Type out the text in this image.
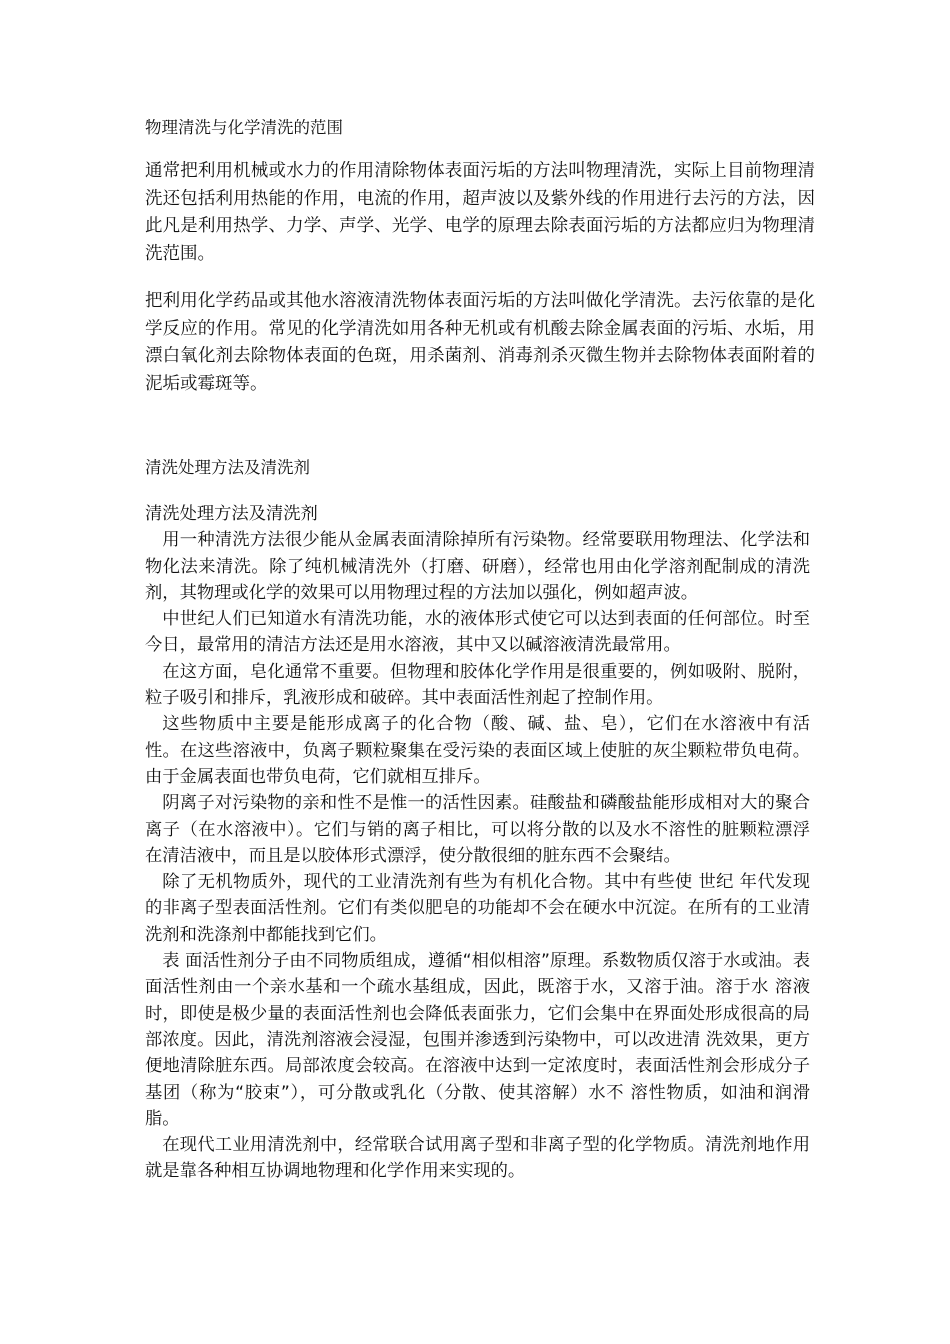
物理清洗与化学清洗的范围
通常把利用机械或水力的作用清除物体表面污垢的方法叫物理清洗，实际上目前物理清洗还包括利用热能的作用，电流的作用，超声波以及紫外线的作用进行去污的方法，因此凡是利用热学、力学、声学、光学、电学的原理去除表面污垢的方法都应归为物理清洗范围。
把利用化学药品或其他水溶液清洗物体表面污垢的方法叫做化学清洗。去污依靠的是化学反应的作用。常见的化学清洗如用各种无机或有机酸去除金属表面的污垢、水垢，用漂白氧化剂去除物体表面的色斑，用杀菌剂、消毒剂杀灭微生物并去除物体表面附着的泥垢或霉斑等。
清洗处理方法及清洗剂
清洗处理方法及清洗剂

用一种清洗方法很少能从金属表面清除掉所有污染物。经常要联用物理法、化学法和物化法来清洗。除了纯机械清洗外（打磨、研磨），经常也用由化学溶剂配制成的清洗剂，其物理或化学的效果可以用物理过程的方法加以强化，例如超声波。

中世纪人们已知道水有清洗功能，水的液体形式使它可以达到表面的任何部位。时至今日，最常用的清洁方法还是用水溶液，其中又以碱溶液清洗最常用。

在这方面，皂化通常不重要。但物理和胶体化学作用是很重要的，例如吸附、脱附，粒子吸引和排斥，乳液形成和破碎。其中表面活性剂起了控制作用。

这些物质中主要是能形成离子的化合物（酸、碱、盐、皂），它们在水溶液中有活性。在这些溶液中，负离子颗粒聚集在受污染的表面区域上使脏的灰尘颗粒带负电荷。由于金属表面也带负电荷，它们就相互排斥。

阴离子对污染物的亲和性不是惟一的活性因素。硅酸盐和磷酸盐能形成相对大的聚合离子（在水溶液中）。它们与销的离子相比，可以将分散的以及水不溶性的脏颗粒漂浮在清洁液中，而且是以胶体形式漂浮，使分散很细的脏东西不会聚结。

除了无机物质外，现代的工业清洗剂有些为有机化合物。其中有些使 世纪 年代发现的非离子型表面活性剂。它们有类似肥皂的功能却不会在硬水中沉淀。在所有的工业清洗剂和洗涤剂中都能找到它们。

表 面活性剂分子由不同物质组成，遵循“相似相溶”原理。系数物质仅溶于水或油。表面活性剂由一个亲水基和一个疏水基组成，因此，既溶于水，又溶于油。溶于水 溶液时，即使是极少量的表面活性剂也会降低表面张力，它们会集中在界面处形成很高的局部浓度。因此，清洗剂溶液会浸湿，包围并渗透到污染物中，可以改进清 洗效果，更方便地清除脏东西。局部浓度会较高。在溶液中达到一定浓度时，表面活性剂会形成分子基团（称为“胶束”），可分散或乳化（分散、使其溶解）水不 溶性物质，如油和润滑脂。

在现代工业用清洗剂中，经常联合试用离子型和非离子型的化学物质。清洗剂地作用就是靠各种相互协调地物理和化学作用来实现的。
